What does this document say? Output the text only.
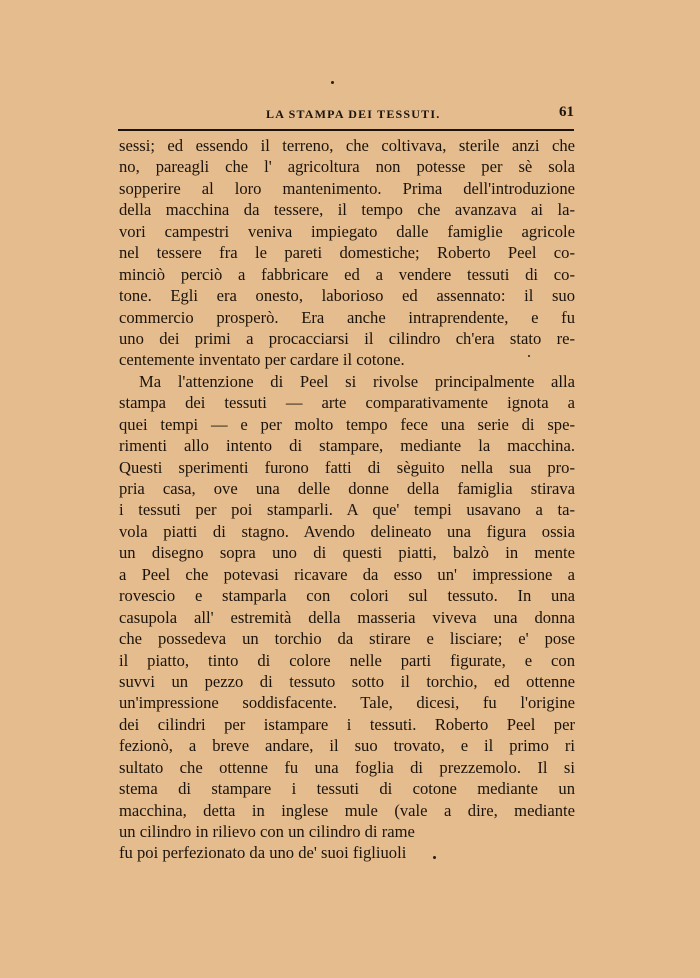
LA STAMPA DEI TESSUTI.	61
sessi; ed essendo il terreno, che coltivava, sterile anzi che
no, pareagli che l' agricoltura non potesse per sè sola
sopperire al loro mantenimento. Prima dell'introduzione
della macchina da tessere, il tempo che avanzava ai la-
vori campestri veniva impiegato dalle famiglie agricole
nel tessere fra le pareti domestiche; Roberto Peel co-
minciò perciò a fabbricare ed a vendere tessuti di co-
tone. Egli era onesto, laborioso ed assennato: il suo
commercio prosperò. Era anche intraprendente, e fu
uno dei primi a procacciarsi il cilindro ch'era stato re-
centemente inventato per cardare il cotone.
Ma l'attenzione di Peel si rivolse principalmente alla
stampa dei tessuti — arte comparativamente ignota a
quei tempi — e per molto tempo fece una serie di spe-
rimenti allo intento di stampare, mediante la macchina.
Questi sperimenti furono fatti di sèguito nella sua pro-
pria casa, ove una delle donne della famiglia stirava
i tessuti per poi stamparli. A que' tempi usavano a ta-
vola piatti di stagno. Avendo delineato una figura ossia
un disegno sopra uno di questi piatti, balzò in mente
a Peel che potevasi ricavare da esso un' impressione a
rovescio e stamparla con colori sul tessuto. In una
casupola all' estremità della masseria viveva una donna
che possedeva un torchio da stirare e lisciare; e' pose
il piatto, tinto di colore nelle parti figurate, e con
suvvi un pezzo di tessuto sotto il torchio, ed ottenne
un'impressione soddisfacente. Tale, dicesi, fu l'origine
dei cilindri per istampare i tessuti. Roberto Peel per
fezionò, a breve andare, il suo trovato, e il primo ri
sultato che ottenne fu una foglia di prezzemolo. Il si
stema di stampare i tessuti di cotone mediante un
macchina, detta in inglese mule (vale a dire, mediante
un cilindro in rilievo con un cilindro di rame
fu poi perfezionato da uno de' suoi figliuoli
